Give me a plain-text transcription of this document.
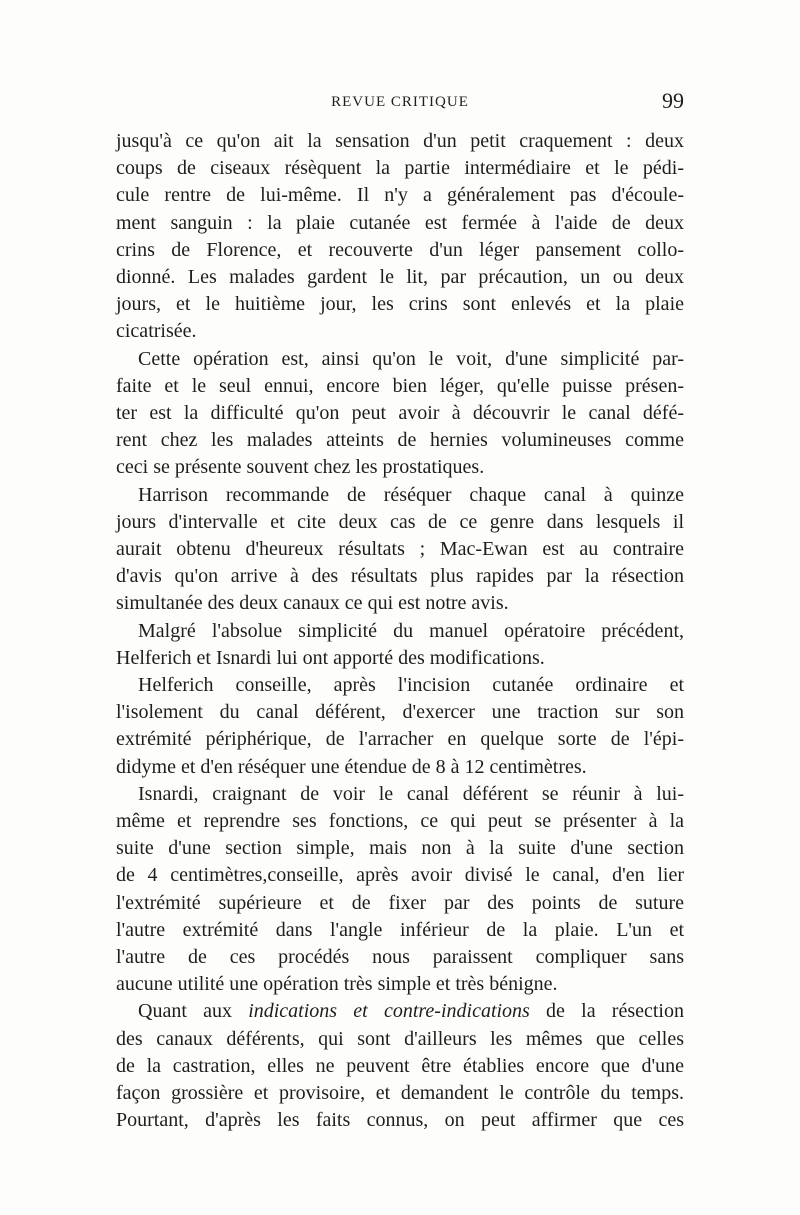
REVUE CRITIQUE	99
jusqu'à ce qu'on ait la sensation d'un petit craquement : deux
coups de ciseaux résèquent la partie intermédiaire et le pédi-
cule rentre de lui-même. Il n'y a généralement pas d'écoule-
ment sanguin : la plaie cutanée est fermée à l'aide de deux
crins de Florence, et recouverte d'un léger pansement collo-
dionné. Les malades gardent le lit, par précaution, un ou deux
jours, et le huitième jour, les crins sont enlevés et la plaie
cicatrisée.
Cette opération est, ainsi qu'on le voit, d'une simplicité par-
faite et le seul ennui, encore bien léger, qu'elle puisse présen-
ter est la difficulté qu'on peut avoir à découvrir le canal défé-
rent chez les malades atteints de hernies volumineuses comme
ceci se présente souvent chez les prostatiques.
Harrison recommande de réséquer chaque canal à quinze
jours d'intervalle et cite deux cas de ce genre dans lesquels il
aurait obtenu d'heureux résultats ; Mac-Ewan est au contraire
d'avis qu'on arrive à des résultats plus rapides par la résection
simultanée des deux canaux ce qui est notre avis.
Malgré l'absolue simplicité du manuel opératoire précédent,
Helferich et Isnardi lui ont apporté des modifications.
Helferich conseille, après l'incision cutanée ordinaire et
l'isolement du canal déférent, d'exercer une traction sur son
extrémité périphérique, de l'arracher en quelque sorte de l'épi-
didyme et d'en réséquer une étendue de 8 à 12 centimètres.
Isnardi, craignant de voir le canal déférent se réunir à lui-
même et reprendre ses fonctions, ce qui peut se présenter à la
suite d'une section simple, mais non à la suite d'une section
de 4 centimètres,conseille, après avoir divisé le canal, d'en lier
l'extrémité supérieure et de fixer par des points de suture
l'autre extrémité dans l'angle inférieur de la plaie. L'un et
l'autre de ces procédés nous paraissent compliquer sans
aucune utilité une opération très simple et très bénigne.
Quant aux indications et contre-indications de la résection
des canaux déférents, qui sont d'ailleurs les mêmes que celles
de la castration, elles ne peuvent être établies encore que d'une
façon grossière et provisoire, et demandent le contrôle du temps.
Pourtant, d'après les faits connus, on peut affirmer que ces
